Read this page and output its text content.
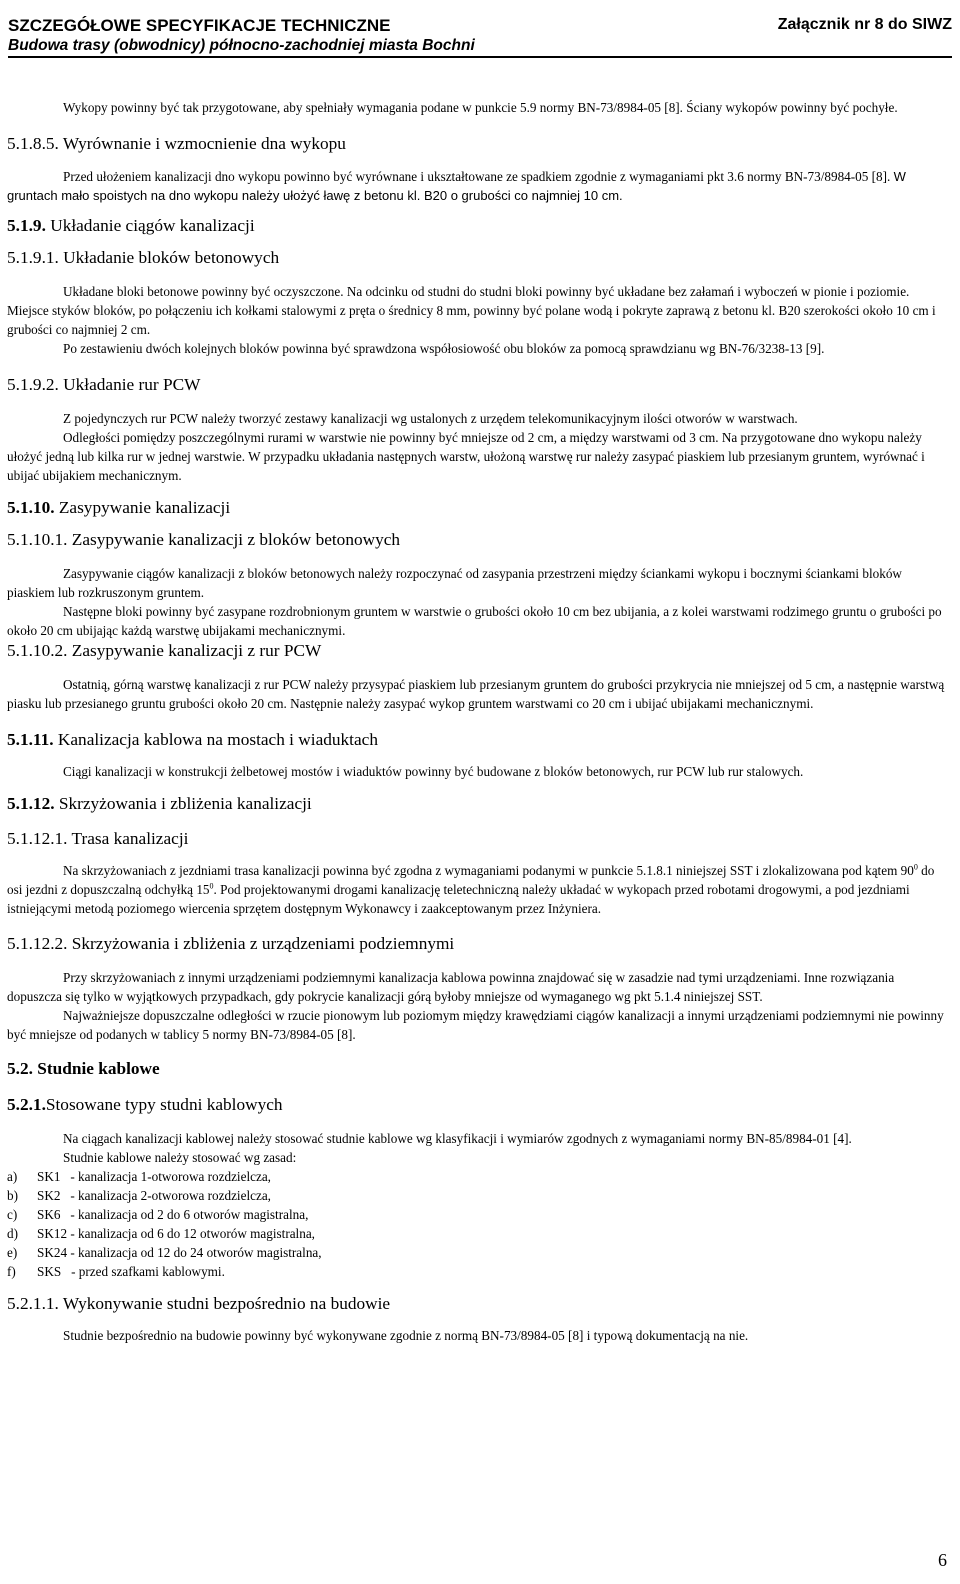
SZCZEGÓŁOWE SPECYFIKACJE TECHNICZNE
Budowa trasy (obwodnicy) północno-zachodniej miasta Bochni
Załącznik nr 8 do SIWZ

Wykopy powinny być tak przygotowane, aby spełniały wymagania podane w punkcie 5.9 normy BN-73/8984-05 [8]. Ściany wykopów powinny być pochyłe.

5.1.8.5. Wyrównanie i wzmocnienie dna wykopu

Przed ułożeniem kanalizacji dno wykopu powinno być wyrównane i ukształtowane ze spadkiem zgodnie z wymaganiami pkt 3.6 normy BN-73/8984-05 [8]. W gruntach mało spoistych na dno wykopu należy ułożyć ławę z betonu kl. B20 o grubości co najmniej 10 cm.

5.1.9. Układanie ciągów kanalizacji

5.1.9.1. Układanie bloków betonowych

Układane bloki betonowe powinny być oczyszczone. Na odcinku od studni do studni bloki powinny być układane bez załamań i wyboczeń w pionie i poziomie. Miejsce styków bloków, po połączeniu ich kołkami stalowymi z pręta o średnicy 8 mm, powinny być polane wodą i pokryte zaprawą z betonu kl. B20 szerokości około 10 cm i grubości co najmniej 2 cm.

Po zestawieniu dwóch kolejnych bloków powinna być sprawdzona współosiowość obu bloków za pomocą sprawdzianu wg BN-76/3238-13 [9].

5.1.9.2. Układanie rur PCW

Z pojedynczych rur PCW należy tworzyć zestawy kanalizacji wg ustalonych z urzędem telekomunikacyjnym ilości otworów w warstwach.

Odległości pomiędzy poszczególnymi rurami w warstwie nie powinny być mniejsze od 2 cm, a między warstwami od 3 cm. Na przygotowane dno wykopu należy ułożyć jedną lub kilka rur w jednej warstwie. W przypadku układania następnych warstw, ułożoną warstwę rur należy zasypać piaskiem lub przesianym gruntem, wyrównać i ubijać ubijakiem mechanicznym.

5.1.10. Zasypywanie kanalizacji

5.1.10.1. Zasypywanie kanalizacji z bloków betonowych

Zasypywanie ciągów kanalizacji z bloków betonowych należy rozpoczynać od zasypania przestrzeni między ściankami wykopu i bocznymi ściankami bloków piaskiem lub rozkruszonym gruntem.

Następne bloki powinny być zasypane rozdrobnionym gruntem w warstwie o grubości około 10 cm bez ubijania, a z kolei warstwami rodzimego gruntu o grubości po około 20 cm ubijając każdą warstwę ubijakami mechanicznymi.

5.1.10.2. Zasypywanie kanalizacji z rur PCW

Ostatnią, górną warstwę kanalizacji z rur PCW należy przysypać piaskiem lub przesianym gruntem do grubości przykrycia nie mniejszej od 5 cm, a następnie warstwą piasku lub przesianego gruntu grubości około 20 cm. Następnie należy zasypać wykop gruntem warstwami co 20 cm i ubijać ubijakami mechanicznymi.

5.1.11. Kanalizacja kablowa na mostach i wiaduktach

Ciągi kanalizacji w konstrukcji żelbetowej mostów i wiaduktów powinny być budowane z bloków betonowych, rur PCW lub rur stalowych.

5.1.12. Skrzyżowania i zbliżenia kanalizacji

5.1.12.1. Trasa kanalizacji

Na skrzyżowaniach z jezdniami trasa kanalizacji powinna być zgodna z wymaganiami podanymi w punkcie 5.1.8.1 niniejszej SST i zlokalizowana pod kątem $90^0$ do osi jezdni z dopuszczalną odchyłką $15^0$. Pod projektowanymi drogami kanalizację teletechniczną należy układać w wykopach przed robotami drogowymi, a pod jezdniami istniejącymi metodą poziomego wiercenia sprzętem dostępnym Wykonawcy i zaakceptowanym przez Inżyniera.

5.1.12.2. Skrzyżowania i zbliżenia z urządzeniami podziemnymi

Przy skrzyżowaniach z innymi urządzeniami podziemnymi kanalizacja kablowa powinna znajdować się w zasadzie nad tymi urządzeniami. Inne rozwiązania dopuszcza się tylko w wyjątkowych przypadkach, gdy pokrycie kanalizacji górą byłoby mniejsze od wymaganego wg pkt 5.1.4 niniejszej SST.

Najważniejsze dopuszczalne odległości w rzucie pionowym lub poziomym między krawędziami ciągów kanalizacji a innymi urządzeniami podziemnymi nie powinny być mniejsze od podanych w tablicy 5 normy BN-73/8984-05 [8].

5.2. Studnie kablowe

5.2.1.Stosowane typy studni kablowych

Na ciągach kanalizacji kablowej należy stosować studnie kablowe wg klasyfikacji i wymiarów zgodnych z wymaganiami normy BN-85/8984-01 [4].

Studnie kablowe należy stosować wg zasad:

a)	SK1   - kanalizacja 1-otworowa rozdzielcza,
b)	SK2   - kanalizacja 2-otworowa rozdzielcza,
c)	SK6   - kanalizacja od 2 do 6 otworów magistralna,
d)	SK12 - kanalizacja od 6 do 12 otworów magistralna,
e)	SK24 - kanalizacja od 12 do 24 otworów magistralna,
f)	SKS   - przed szafkami kablowymi.

5.2.1.1. Wykonywanie studni bezpośrednio na budowie

Studnie bezpośrednio na budowie powinny być wykonywane zgodnie z normą BN-73/8984-05 [8] i typową dokumentacją na nie.

6
